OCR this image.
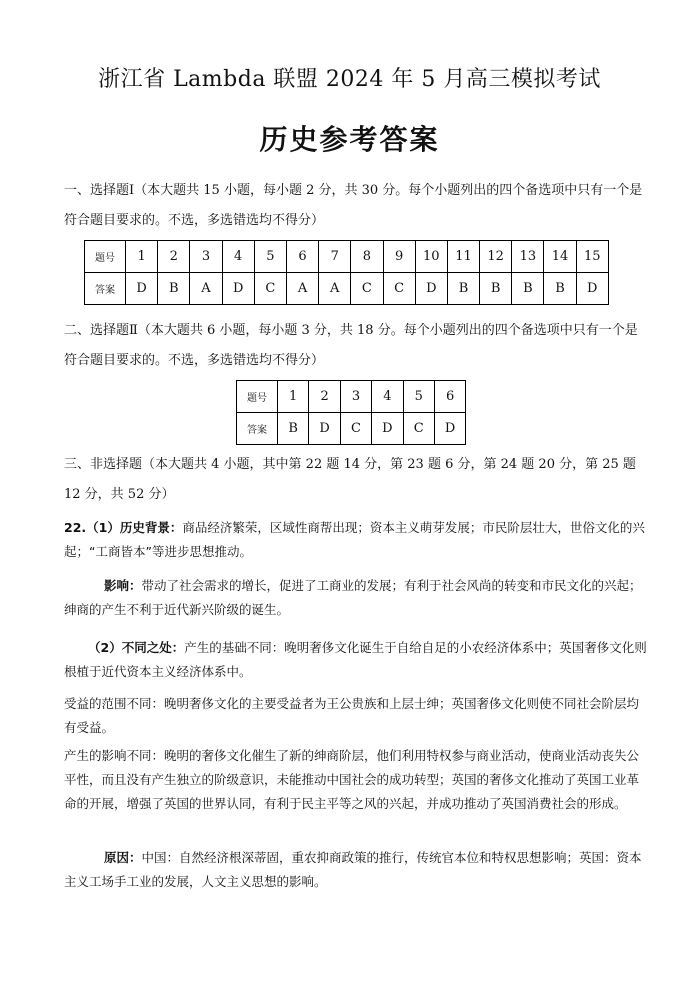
浙江省 Lambda 联盟 2024 年 5 月高三模拟考试
历史参考答案
一、选择题Ⅰ（本大题共 15 小题，每小题 2 分，共 30 分。每个小题列出的四个备选项中只有一个是符合题目要求的。不选，多选错选均不得分）
题号	1	2	3	4	5	6	7	8	9	10	11	12	13	14	15
答案	D	B	A	D	C	A	A	C	C	D	B	B	B	B	D
二、选择题Ⅱ（本大题共 6 小题，每小题 3 分，共 18 分。每个小题列出的四个备选项中只有一个是符合题目要求的。不选，多选错选均不得分）
题号	1	2	3	4	5	6
答案	B	D	C	D	C	D
三、非选择题（本大题共 4 小题，其中第 22 题 14 分，第 23 题 6 分，第 24 题 20 分，第 25 题 12 分，共 52 分）
22.（1）历史背景：商品经济繁荣，区域性商帮出现；资本主义萌芽发展；市民阶层壮大，世俗文化的兴起；“工商皆本”等进步思想推动。
影响：带动了社会需求的增长，促进了工商业的发展；有利于社会风尚的转变和市民文化的兴起；绅商的产生不利于近代新兴阶级的诞生。
（2）不同之处：产生的基础不同：晚明奢侈文化诞生于自给自足的小农经济体系中；英国奢侈文化则根植于近代资本主义经济体系中。
受益的范围不同：晚明奢侈文化的主要受益者为王公贵族和上层士绅；英国奢侈文化则使不同社会阶层均有受益。
产生的影响不同：晚明的奢侈文化催生了新的绅商阶层，他们利用特权参与商业活动，使商业活动丧失公平性，而且没有产生独立的阶级意识，未能推动中国社会的成功转型；英国的奢侈文化推动了英国工业革命的开展，增强了英国的世界认同，有利于民主平等之风的兴起，并成功推动了英国消费社会的形成。
原因：中国：自然经济根深蒂固，重农抑商政策的推行，传统官本位和特权思想影响；英国：资本主义工场手工业的发展，人文主义思想的影响。
